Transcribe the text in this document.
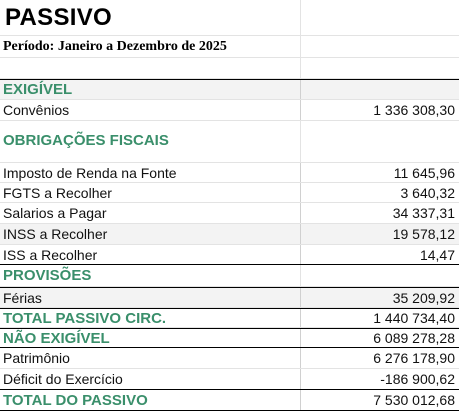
PASSIVO
Período: Janeiro a Dezembro de 2025
EXIGÍVEL
Convênios	1 336 308,30
OBRIGAÇÕES FISCAIS
Imposto de Renda na Fonte	11 645,96
FGTS a Recolher	3 640,32
Salarios a Pagar	34 337,31
INSS a Recolher	19 578,12
ISS a Recolher	14,47
PROVISÕES
Férias	35 209,92
TOTAL PASSIVO CIRC.	1 440 734,40
NÃO EXIGÍVEL	6 089 278,28
Patrimônio	6 276 178,90
Déficit do Exercício	-186 900,62
TOTAL DO PASSIVO	7 530 012,68
